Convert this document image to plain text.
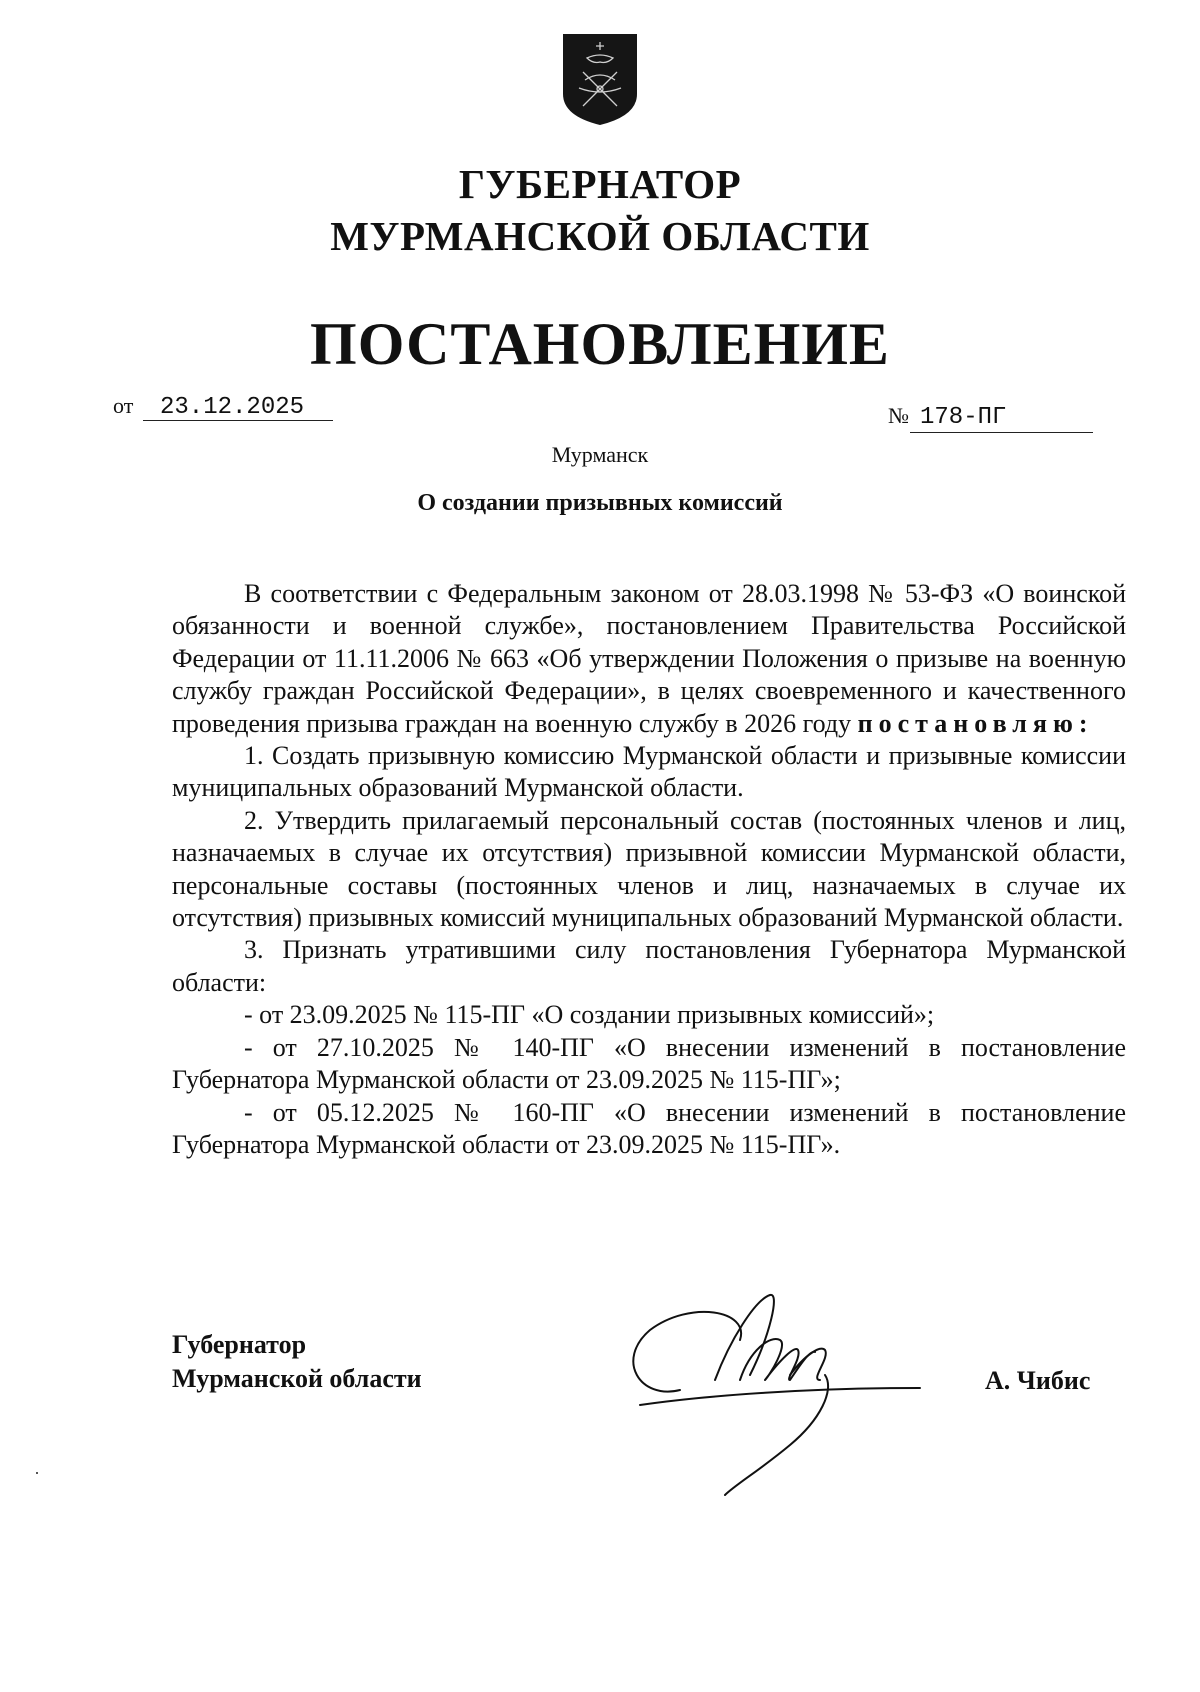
ГУБЕРНАТОР
МУРМАНСКОЙ ОБЛАСТИ
ПОСТАНОВЛЕНИЕ
от 23.12.2025	№ 178-ПГ
Мурманск
О создании призывных комиссий

В соответствии с Федеральным законом от 28.03.1998 № 53-ФЗ «О воинской обязанности и военной службе», постановлением Правительства Российской Федерации от 11.11.2006 № 663 «Об утверждении Положения о призыве на военную службу граждан Российской Федерации», в целях своевременного и качественного проведения призыва граждан на военную службу в 2026 году постановляю:

1. Создать призывную комиссию Мурманской области и призывные комиссии муниципальных образований Мурманской области.

2. Утвердить прилагаемый персональный состав (постоянных членов и лиц, назначаемых в случае их отсутствия) призывной комиссии Мурманской области, персональные составы (постоянных членов и лиц, назначаемых в случае их отсутствия) призывных комиссий муниципальных образований Мурманской области.

3. Признать утратившими силу постановления Губернатора Мурманской области:

- от 23.09.2025 № 115-ПГ «О создании призывных комиссий»;

- от 27.10.2025 № 140-ПГ «О внесении изменений в постановление Губернатора Мурманской области от 23.09.2025 № 115-ПГ»;

- от 05.12.2025 № 160-ПГ «О внесении изменений в постановление Губернатора Мурманской области от 23.09.2025 № 115-ПГ».

Губернатор
Мурманской области	А. Чибис
